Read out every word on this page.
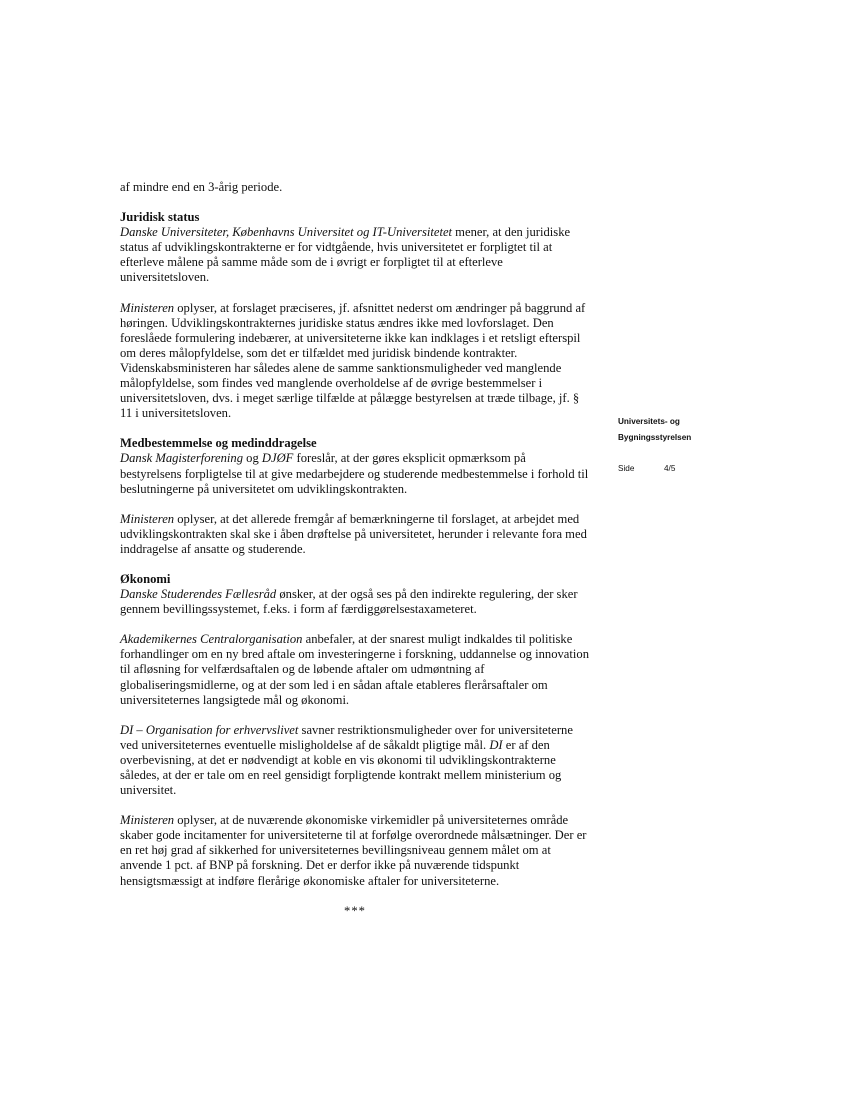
af mindre end en 3-årig periode.

Juridisk status

Danske Universiteter, Københavns Universitet og IT-Universitetet mener, at den juridiske status af udviklingskontrakterne er for vidtgående, hvis universitetet er forpligtet til at efterleve målene på samme måde som de i øvrigt er forpligtet til at efterleve universitetsloven.

Ministeren oplyser, at forslaget præciseres, jf. afsnittet nederst om ændringer på baggrund af høringen. Udviklingskontrakternes juridiske status ændres ikke med lovforslaget. Den foreslåede formulering indebærer, at universiteterne ikke kan indklages i et retsligt efterspil om deres målopfyldelse, som det er tilfældet med juridisk bindende kontrakter. Videnskabsministeren har således alene de samme sanktionsmuligheder ved manglende målopfyldelse, som findes ved manglende overholdelse af de øvrige bestemmelser i universitetsloven, dvs. i meget særlige tilfælde at pålægge bestyrelsen at træde tilbage, jf. § 11 i universitetsloven.

Medbestemmelse og medinddragelse

Dansk Magisterforening og DJØF foreslår, at der gøres eksplicit opmærksom på bestyrelsens forpligtelse til at give medarbejdere og studerende medbestemmelse i forhold til beslutningerne på universitetet om udviklingskontrakten.

Ministeren oplyser, at det allerede fremgår af bemærkningerne til forslaget, at arbejdet med udviklingskontrakten skal ske i åben drøftelse på universitetet, herunder i relevante fora med inddragelse af ansatte og studerende.

Økonomi

Danske Studerendes Fællesråd ønsker, at der også ses på den indirekte regulering, der sker gennem bevillingssystemet, f.eks. i form af færdiggørelsestaxameteret.

Akademikernes Centralorganisation anbefaler, at der snarest muligt indkaldes til politiske forhandlinger om en ny bred aftale om investeringerne i forskning, uddannelse og innovation til afløsning for velfærdsaftalen og de løbende aftaler om udmøntning af globaliseringsmidlerne, og at der som led i en sådan aftale etableres flerårsaftaler om universiteternes langsigtede mål og økonomi.

DI – Organisation for erhvervslivet savner restriktionsmuligheder over for universiteterne ved universiteternes eventuelle misligholdelse af de såkaldt pligtige mål. DI er af den overbevisning, at det er nødvendigt at koble en vis økonomi til udviklingskontrakterne således, at der er tale om en reel gensidigt forpligtende kontrakt mellem ministerium og universitet.

Ministeren oplyser, at de nuværende økonomiske virkemidler på universiteternes område skaber gode incitamenter for universiteterne til at forfølge overordnede målsætninger. Der er en ret høj grad af sikkerhed for universiteternes bevillingsniveau gennem målet om at anvende 1 pct. af BNP på forskning. Det er derfor ikke på nuværende tidspunkt hensigtsmæssigt at indføre flerårige økonomiske aftaler for universiteterne.

***

Universitets- og
Bygningsstyrelsen
Side	4/5
